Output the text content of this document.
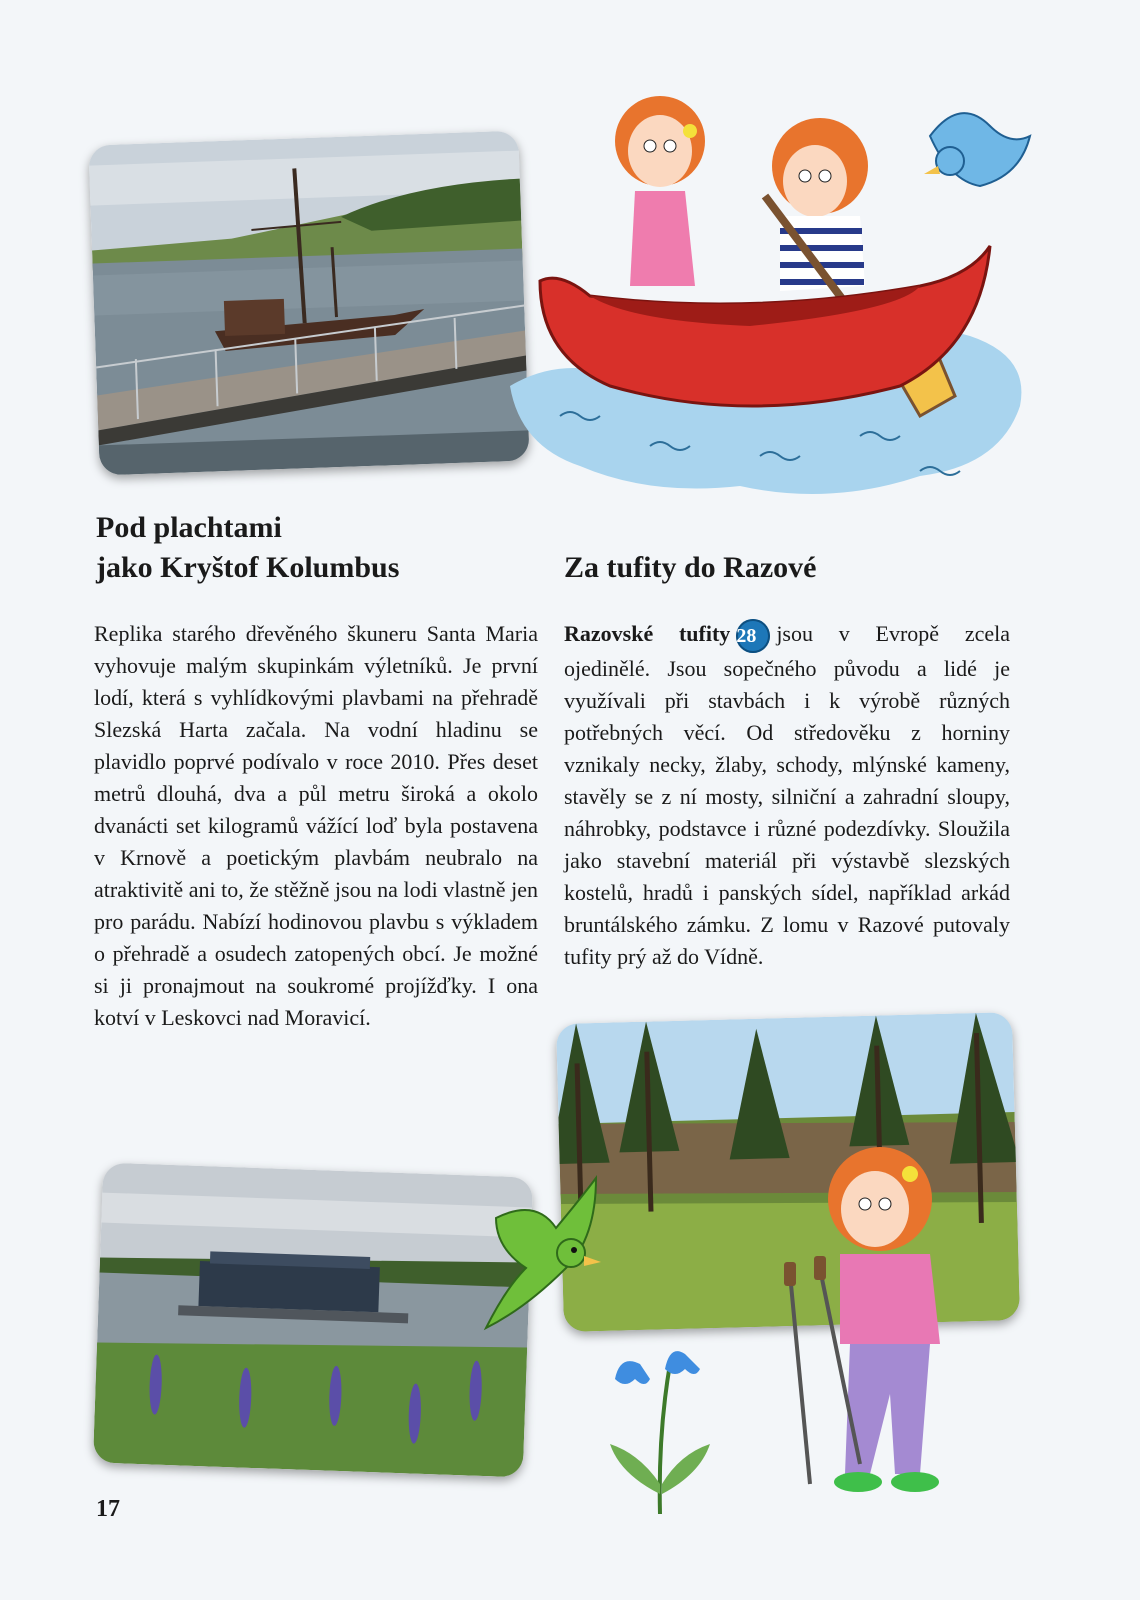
Pod plachtami
jako Kryštof Kolumbus	Za tufity do Razové

Replika starého dřevěného škuneru Santa Maria vyhovuje malým skupinkám výletníků. Je první lodí, která s vyhlídkovými plavbami na přehradě Slezská Harta začala. Na vodní hladinu se plavidlo poprvé podívalo v roce 2010. Přes deset metrů dlouhá, dva a půl metru široká a okolo dvanácti set kilogramů vážící loď byla postavena v Krnově a poetickým plavbám neubralo na atraktivitě ani to, že stěžně jsou na lodi vlastně jen pro parádu. Nabízí hodinovou plavbu s výkladem o přehradě a osudech zatopených obcí. Je možné si ji pronajmout na soukromé projížďky. I ona kotví v Leskovci nad Moravicí.

Razovské tufity 28 jsou v Evropě zcela ojedinělé. Jsou sopečného původu a lidé je využívali při stavbách i k výrobě různých potřebných věcí. Od středověku z horniny vznikaly necky, žlaby, schody, mlýnské kameny, stavěly se z ní mosty, silniční a zahradní sloupy, náhrobky, podstavce i různé podezdívky. Sloužila jako stavební materiál při výstavbě slezských kostelů, hradů i panských sídel, například arkád bruntálského zámku. Z lomu v Razové putovaly tufity prý až do Vídně.

17
